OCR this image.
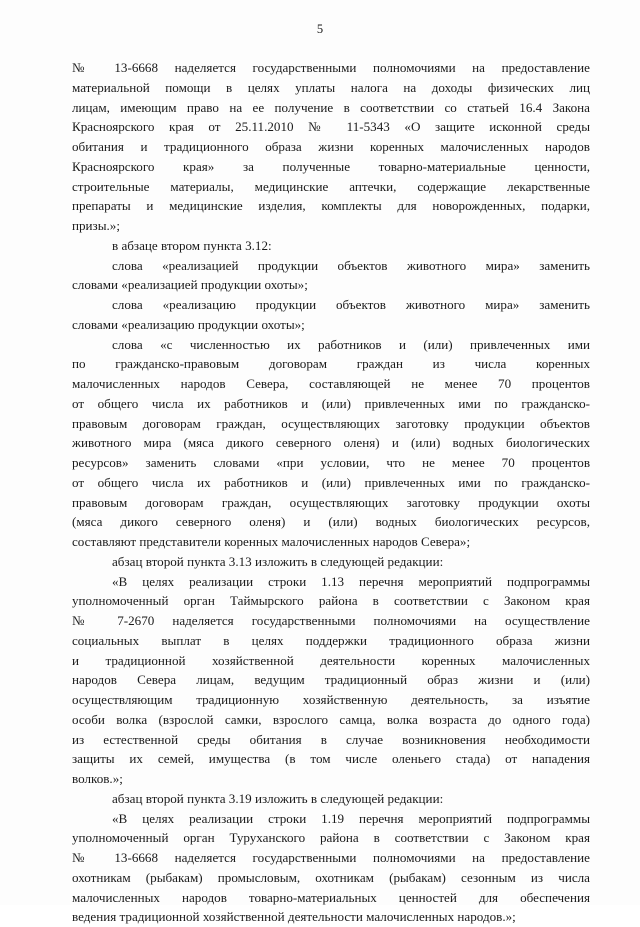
5
№ 13-6668 наделяется государственными полномочиями на предоставление
материальной помощи в целях уплаты налога на доходы физических лиц
лицам, имеющим право на ее получение в соответствии со статьей 16.4 Закона
Красноярского края от 25.11.2010 № 11-5343 «О защите исконной среды
обитания и традиционного образа жизни коренных малочисленных народов
Красноярского края» за полученные товарно-материальные ценности,
строительные материалы, медицинские аптечки, содержащие лекарственные
препараты и медицинские изделия, комплекты для новорожденных, подарки,
призы.»;
в абзаце втором пункта 3.12:
слова «реализацией продукции объектов животного мира» заменить
словами «реализацией продукции охоты»;
слова «реализацию продукции объектов животного мира» заменить
словами «реализацию продукции охоты»;
слова «с численностью их работников и (или) привлеченных ими
по гражданско-правовым договорам граждан из числа коренных
малочисленных народов Севера, составляющей не менее 70 процентов
от общего числа их работников и (или) привлеченных ими по гражданско-
правовым договорам граждан, осуществляющих заготовку продукции объектов
животного мира (мяса дикого северного оленя) и (или) водных биологических
ресурсов» заменить словами «при условии, что не менее 70 процентов
от общего числа их работников и (или) привлеченных ими по гражданско-
правовым договорам граждан, осуществляющих заготовку продукции охоты
(мяса дикого северного оленя) и (или) водных биологических ресурсов,
составляют представители коренных малочисленных народов Севера»;
абзац второй пункта 3.13 изложить в следующей редакции:
«В целях реализации строки 1.13 перечня мероприятий подпрограммы
уполномоченный орган Таймырского района в соответствии с Законом края
№ 7-2670 наделяется государственными полномочиями на осуществление
социальных выплат в целях поддержки традиционного образа жизни
и традиционной хозяйственной деятельности коренных малочисленных
народов Севера лицам, ведущим традиционный образ жизни и (или)
осуществляющим традиционную хозяйственную деятельность, за изъятие
особи волка (взрослой самки, взрослого самца, волка возраста до одного года)
из естественной среды обитания в случае возникновения необходимости
защиты их семей, имущества (в том числе оленьего стада) от нападения
волков.»;
абзац второй пункта 3.19 изложить в следующей редакции:
«В целях реализации строки 1.19 перечня мероприятий подпрограммы
уполномоченный орган Туруханского района в соответствии с Законом края
№ 13-6668 наделяется государственными полномочиями на предоставление
охотникам (рыбакам) промысловым, охотникам (рыбакам) сезонным из числа
малочисленных народов товарно-материальных ценностей для обеспечения
ведения традиционной хозяйственной деятельности малочисленных народов.»;
